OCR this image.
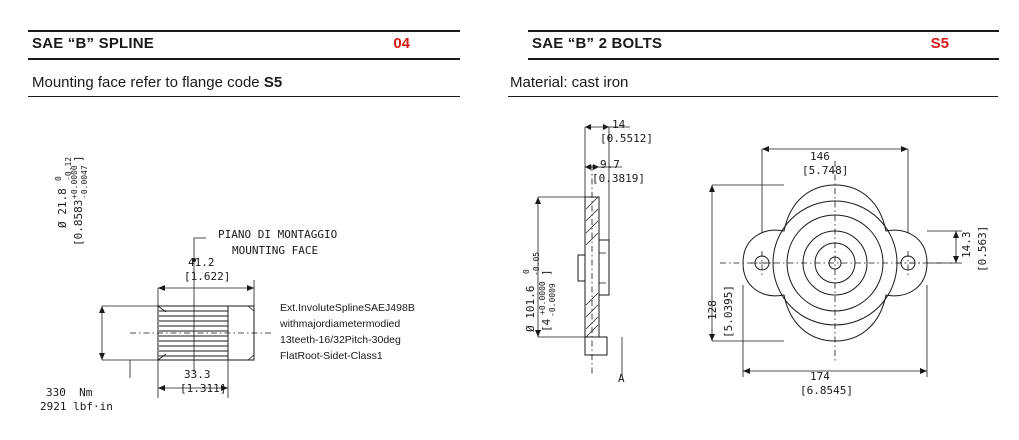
SAE “B” SPLINE	04
Mounting face refer to flange code S5
PIANO DI MONTAGGIO
MOUNTING FACE
Ø 21.8
0 -0.12
[0.8583
+0.0000 -0.0047
]
41.2
[1.622]
33.3
[1.311]
330  Nm
2921 lbf·in
Ext.InvoluteSplineSAEJ498B
withmajordiametermodied
13teeth-16/32Pitch-30deg
FlatRoot-Sidet-Class1
SAE “B” 2 BOLTS	S5
Material: cast iron
14
[0.5512]
9.7
[0.3819]
Ø 101.6
0 -0.05
[4
+0.0000 -0.0009
]
A
146
[5.748]
128 [5.0395]
174
[6.8545]
14.3 [0.563]
